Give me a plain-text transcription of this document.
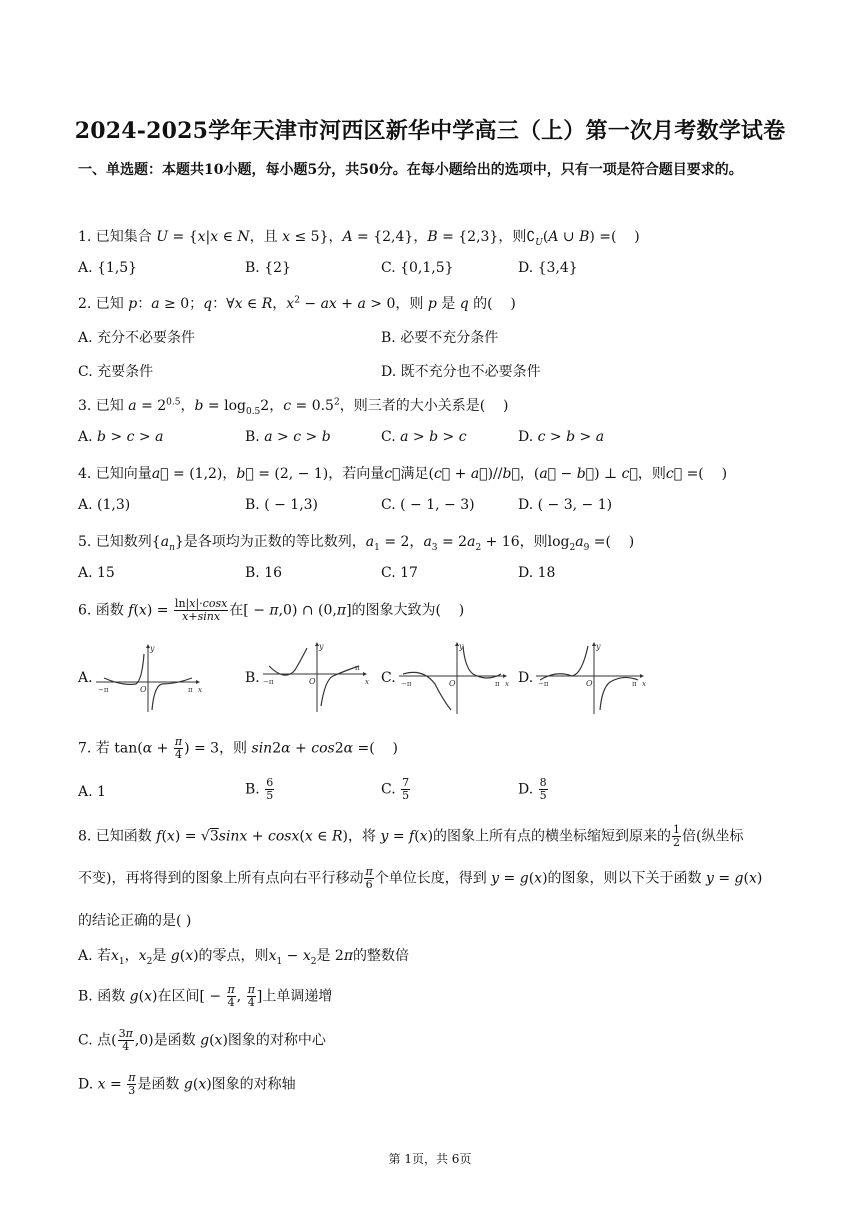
2024-2025学年天津市河西区新华中学高三（上）第一次月考数学试卷
一、单选题：本题共10小题，每小题5分，共50分。在每小题给出的选项中，只有一项是符合题目要求的。
1. 已知集合 U = {x|x ∈ N，且 x ≤ 5}，A = {2,4}，B = {2,3}，则$∁_U(A$ ∪ B) =(    )
A. {1,5}	B. {2}	C. {0,1,5}	D. {3,4}
2. 已知 p：a ≥ 0；q：∀x ∈ R，$x^2$ − ax + a > 0，则 p 是 q 的(    )
A. 充分不必要条件	B. 必要不充分条件
C. 充要条件	D. 既不充分也不必要条件
3. 已知 $a = 2^{0.5}$，$b = \log_{0.5}2$，$c = 0.5^2$，则三者的大小关系是(    )
A. b > c > a	B. a > c > b	C. a > b > c	D. c > b > a
4. 已知向量a⃗ = (1,2)，b⃗ = (2, − 1)，若向量c⃗满足(c⃗ + a⃗)//b⃗，(a⃗ − b⃗) ⊥ c⃗，则c⃗ =(    )
A. (1,3)	B. ( − 1,3)	C. ( − 1, − 3)	D. ( − 3, − 1)
5. 已知数列$\{a_n\}$是各项均为正数的等比数列，$a_1 = 2$，$a_3 = 2a_2 + 16$，则$\log_2a_9$ =(    )
A. 15	B. 16	C. 17	D. 18
6. 函数 $f(x) = \frac{\ln|x|\cdot\cos x}{x+\sin x}$ 在[ − π,0) ∩ (0,π]的图象大致为(    )
A.
y
x
O
−π	π
B.
y
x
O
−π
π
C.
y
x
O
−π	π D.
y
x
O
−π	π
7. 若 $\tan(\alpha + \frac{\pi}{4}$ ) = 3，则 sin2α + cos2α =(    )
A. 1	B. $\frac{6}{5}$	C. $\frac{7}{5}$	D. $\frac{8}{5}$
8. 已知函数 f(x) = √3sinx + cosx(x ∈ R)，将 y = f(x)的图象上所有点的横坐标缩短到原来的 $\frac{1}{2}$ 倍(纵坐标
不变)，再将得到的图象上所有点向右平行移动 $\frac{\pi}{6}$ 个单位长度，得到 y = g(x)的图象，则以下关于函数 y = g(x)
的结论正确的是( )
A. 若$x_1$，$x_2$是 g(x)的零点，则$x_1 - x_2$是 2π的整数倍
B. 函数 g(x)在区间[ − $\frac{\pi}{4}$ , $\frac{\pi}{4}$ ]上单调递增
C. 点( $\frac{3\pi}{4} ,0$)是函数 g(x)图象的对称中心
D. $x = \frac{\pi}{3}$ 是函数 g(x)图象的对称轴
第 1页，共 6页
